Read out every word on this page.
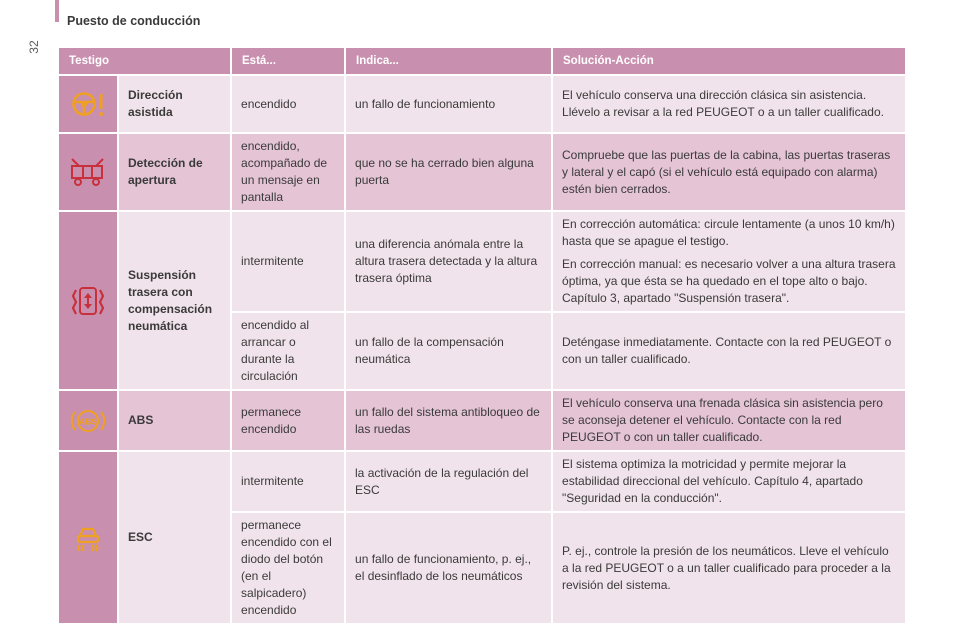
32
Puesto de conducción
Testigo		Está...	Indica...	Solución-Acción

	Dirección asistida	encendido	un fallo de funcionamiento	El vehículo conserva una dirección clásica sin asistencia. Llévelo a revisar a la red PEUGEOT o a un taller cualificado.

	Detección de apertura	encendido, acompañado de un mensaje en pantalla	que no se ha cerrado bien alguna puerta	Compruebe que las puertas de la cabina, las puertas traseras y lateral y el capó (si el vehículo está equipado con alarma) estén bien cerrados.

	Suspensión trasera con compensación neumática	intermitente	una diferencia anómala entre la altura trasera detectada y la altura trasera óptima	En corrección automática: circule lentamente (a unos 10 km/h) hasta que se apague el testigo.

En corrección manual: es necesario volver a una altura trasera óptima, ya que ésta se ha quedado en el tope alto o bajo. Capítulo 3, apartado "Suspensión trasera".

		encendido al arrancar o durante la circulación	un fallo de la compensación neumática	Deténgase inmediatamente. Contacte con la red PEUGEOT o con un taller cualificado.

ABS	ABS	permanece encendido	un fallo del sistema antibloqueo de las ruedas	El vehículo conserva una frenada clásica sin asistencia pero se aconseja detener el vehículo. Contacte con la red PEUGEOT o con un taller cualificado.

	ESC	intermitente	la activación de la regulación del ESC	El sistema optimiza la motricidad y permite mejorar la estabilidad direccional del vehículo. Capítulo 4, apartado "Seguridad en la conducción".
		permanece encendido con el diodo del botón (en el salpicadero) encendido	un fallo de funcionamiento, p. ej., el desinflado de los neumáticos	P. ej., controle la presión de los neumáticos. Lleve el vehículo a la red PEUGEOT o a un taller cualificado para proceder a la revisión del sistema.
